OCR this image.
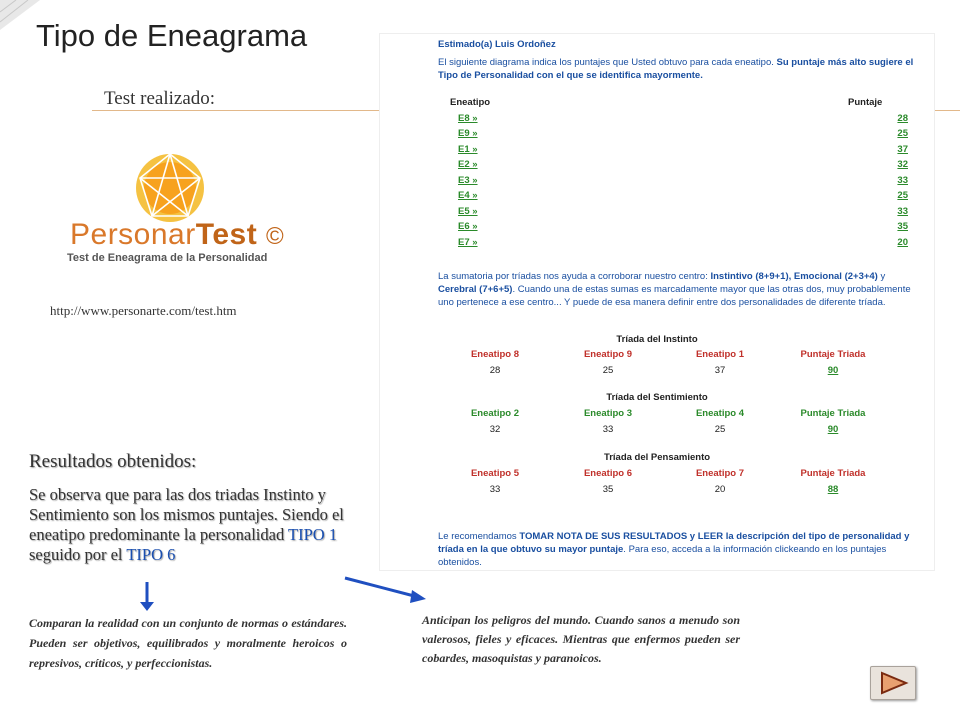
Tipo de Eneagrama
Test realizado:
PersonarTest ©
Test de Eneagrama de la Personalidad
http://www.personarte.com/test.htm
Resultados obtenidos:
Se observa que para las dos triadas Instinto y Sentimiento son los mismos puntajes. Siendo el eneatipo predominante la personalidad TIPO 1 seguido por el TIPO 6
Comparan la realidad con un conjunto de normas o estándares. Pueden ser objetivos, equilibrados y moralmente heroicos o represivos, críticos, y perfeccionistas.
Anticipan los peligros del mundo. Cuando sanos a menudo son valerosos, fieles y eficaces. Mientras que enfermos pueden ser cobardes, masoquistas y paranoicos.
Estimado(a) Luis Ordoñez
El siguiente diagrama indica los puntajes que Usted obtuvo para cada eneatipo. Su puntaje más alto sugiere el Tipo de Personalidad con el que se identifica mayormente.
Eneatipo	Puntaje
E8 »	28
E9 »	25
E1 »	37
E2 »	32
E3 »	33
E4 »	25
E5 »	33
E6 »	35
E7 »	20
La sumatoria por tríadas nos ayuda a corroborar nuestro centro: Instintivo (8+9+1), Emocional (2+3+4) y Cerebral (7+6+5). Cuando una de estas sumas es marcadamente mayor que las otras dos, muy probablemente uno pertenece a ese centro... Y puede de esa manera definir entre dos personalidades de diferente tríada.
Tríada del Instinto
Eneatipo 8	Eneatipo 9	Eneatipo 1	Puntaje Triada
28	25	37	90
Tríada del Sentimiento
Eneatipo 2	Eneatipo 3	Eneatipo 4	Puntaje Triada
32	33	25	90
Tríada del Pensamiento
Eneatipo 5	Eneatipo 6	Eneatipo 7	Puntaje Triada
33	35	20	88
Le recomendamos TOMAR NOTA DE SUS RESULTADOS y LEER la descripción del tipo de personalidad y tríada en la que obtuvo su mayor puntaje. Para eso, acceda a la información clickeando en los puntajes obtenidos.
